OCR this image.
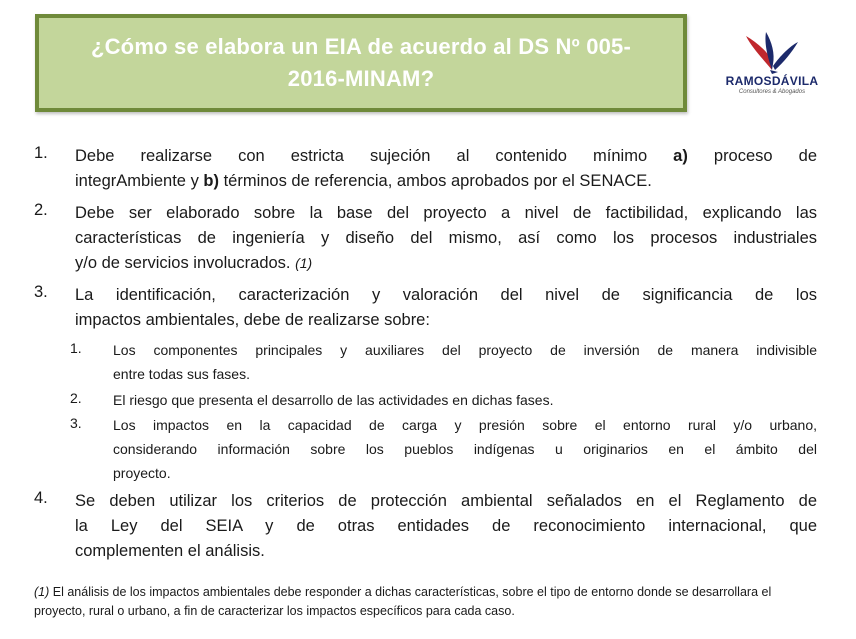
¿Cómo se elabora un EIA de acuerdo al DS Nº 005-
2016-MINAM?	RAMOSDÁVILA
Consultores & Abogados
1. Debe realizarse con estricta sujeción al contenido mínimo a) proceso de
integrAmbiente y b) términos de referencia, ambos aprobados por el SENACE.
2. Debe ser elaborado sobre la base del proyecto a nivel de factibilidad, explicando las
características de ingeniería y diseño del mismo, así como los procesos industriales
y/o de servicios involucrados. (1)
3. La identificación, caracterización y valoración del nivel de significancia de los
impactos ambientales, debe de realizarse sobre:
1. Los componentes principales y auxiliares del proyecto de inversión de manera indivisible
entre todas sus fases.
2. El riesgo que presenta el desarrollo de las actividades en dichas fases.
3. Los impactos en la capacidad de carga y presión sobre el entorno rural y/o urbano,
considerando información sobre los pueblos indígenas u originarios en el ámbito del
proyecto.
4. Se deben utilizar los criterios de protección ambiental señalados en el Reglamento de
la Ley del SEIA y de otras entidades de reconocimiento internacional, que
complementen el análisis.
(1) El análisis de los impactos ambientales debe responder a dichas características, sobre el tipo de entorno donde se desarrollara el proyecto, rural o urbano, a fin de caracterizar los impactos específicos para cada caso.
